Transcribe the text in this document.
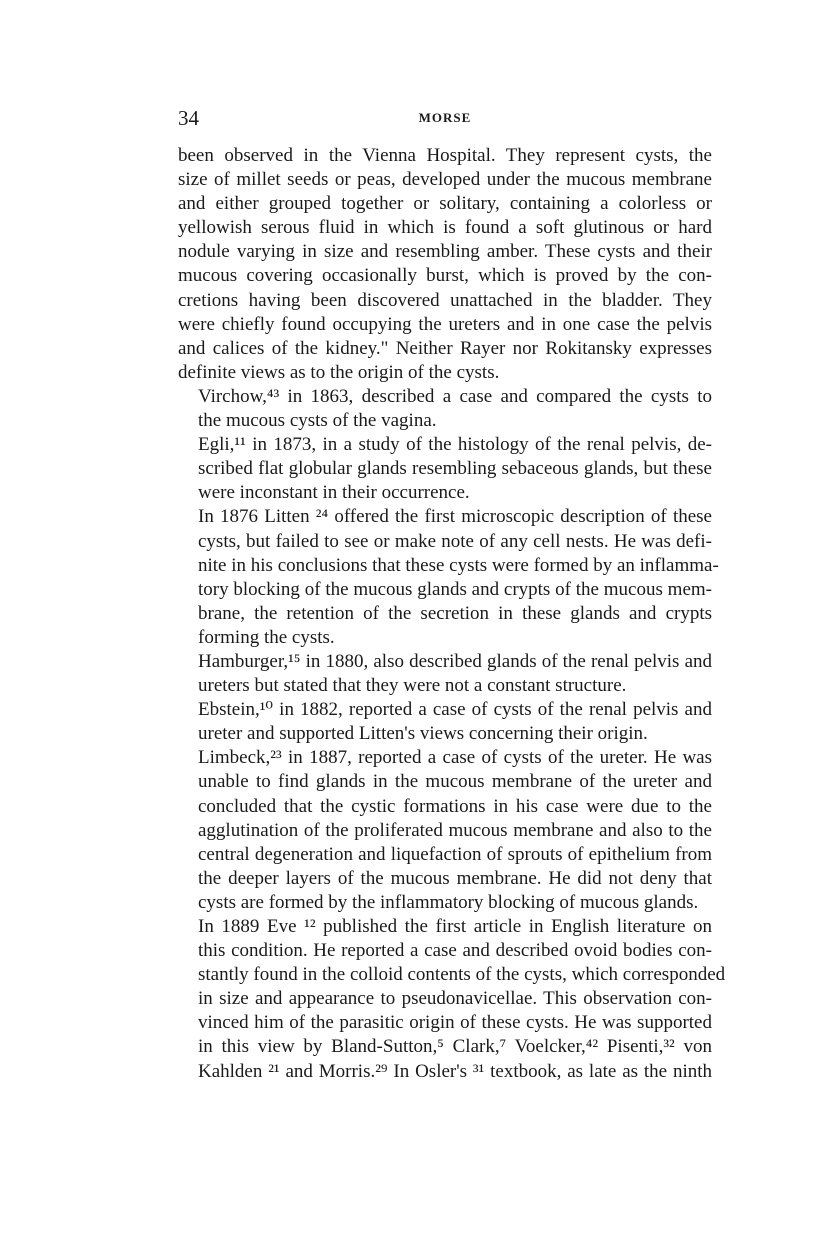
34	MORSE

been observed in the Vienna Hospital. They represent cysts, the
size of millet seeds or peas, developed under the mucous membrane
and either grouped together or solitary, containing a colorless or
yellowish serous fluid in which is found a soft glutinous or hard
nodule varying in size and resembling amber. These cysts and their
mucous covering occasionally burst, which is proved by the con-
cretions having been discovered unattached in the bladder. They
were chiefly found occupying the ureters and in one case the pelvis
and calices of the kidney." Neither Rayer nor Rokitansky expresses
definite views as to the origin of the cysts.

Virchow,⁴³ in 1863, described a case and compared the cysts to
the mucous cysts of the vagina.

Egli,¹¹ in 1873, in a study of the histology of the renal pelvis, de-
scribed flat globular glands resembling sebaceous glands, but these
were inconstant in their occurrence.

In 1876 Litten ²⁴ offered the first microscopic description of these
cysts, but failed to see or make note of any cell nests. He was defi-
nite in his conclusions that these cysts were formed by an inflamma-
tory blocking of the mucous glands and crypts of the mucous mem-
brane, the retention of the secretion in these glands and crypts
forming the cysts.

Hamburger,¹⁵ in 1880, also described glands of the renal pelvis and
ureters but stated that they were not a constant structure.

Ebstein,¹⁰ in 1882, reported a case of cysts of the renal pelvis and
ureter and supported Litten's views concerning their origin.

Limbeck,²³ in 1887, reported a case of cysts of the ureter. He was
unable to find glands in the mucous membrane of the ureter and
concluded that the cystic formations in his case were due to the
agglutination of the proliferated mucous membrane and also to the
central degeneration and liquefaction of sprouts of epithelium from
the deeper layers of the mucous membrane. He did not deny that
cysts are formed by the inflammatory blocking of mucous glands.

In 1889 Eve ¹² published the first article in English literature on
this condition. He reported a case and described ovoid bodies con-
stantly found in the colloid contents of the cysts, which corresponded
in size and appearance to pseudonavicellae. This observation con-
vinced him of the parasitic origin of these cysts. He was supported
in this view by Bland-Sutton,⁵ Clark,⁷ Voelcker,⁴² Pisenti,³² von
Kahlden ²¹ and Morris.²⁹ In Osler's ³¹ textbook, as late as the ninth
